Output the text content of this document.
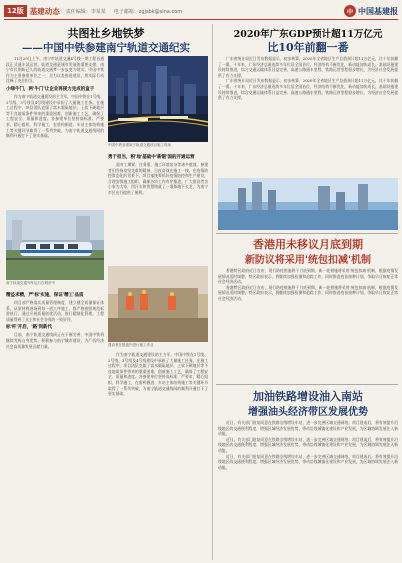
12版 基建动态 责任编辑：李某某 电子邮箱：zgjsbk@sina.com	中 中国基建报
共图社乡地铁梦
——中国中铁参建南宁轨道交通纪实

11月29日上午，南宁市轨道交通4号线一期工程首通段正式通车试运营。轨道交通是城市发展的重要支撑，南宁市民期盼已久的轨道交通梦一步步变为现实。中国中铁作为主要参建单位之一，全力以赴推进建设，用实际行动诠释了央企担当。

小绿牛门，两'牛门'让企业再接力完成的盒子

作为南宁轨道交通建设的主力军，中国中铁在1号线、2号线、3号线及4号线建设中承担了大量施工任务。在施工过程中，项目团队克服了富水圆砾地层、上软下硬地层等不良地质条件带来的重重困难，创新施工工艺，确保了工程安全、质量和进度。各参建单位坚持高标准、严要求，精心组织，科学施工，在盾构掘进、车站主体结构施工等关键环节取得了一系列突破，为南宁轨道交通线网的顺利开通打下了坚实基础。

中国中铁参建南宁轨道交通项目施工现场

勇于担当，积'地'基础中'新锻'国的开通运营

面对工期紧、任务重、施工环境复杂等诸多挑战，参建者们发扬攻坚克难的精神，日夜奋战在施工一线。在疫情防控常态化的背景下，项目部统筹抓好疫情防控和生产建设，合理安排施工组织，确保各项工作有序推进。广大建设者舍小家为大家，用汗水和智慧铸就了一条条地下长龙，为南宁市民出行提供了便利。

南宁轨道交通列车运行在城市中

精益求精，严'标'实施，保证'精工'品质

项目部严格落实质量管理制度，建立健全质量保证体系，从原材料进场到每一道工序施工，都严格按照规范标准执行。通过开展质量创优活动，推行精细化管理，工程质量得到了业主和社会各界的一致好评。

标'杆'开启，'路'到新代

目前，南宁轨道交通线网正在不断完善，中国中铁将继续发挥自身优势，积极参与南宁城市建设，为广西经济社会高质量发展贡献力量。	建设者在隧道内进行施工作业

作为南宁轨道交通建设的主力军，中国中铁在1号线、2号线、3号线及4号线建设中承担了大量施工任务。在施工过程中，项目团队克服了富水圆砾地层、上软下硬地层等不良地质条件带来的重重困难，创新施工工艺，确保了工程安全、质量和进度。各参建单位坚持高标准、严要求，精心组织，科学施工，在盾构掘进、车站主体结构施工等关键环节取得了一系列突破，为南宁轨道交通线网的顺利开通打下了坚实基础。

2020年广东GDP预计超11万亿元
比10年前翻一番

广东省统计局近日发布数据显示，初步核算，2020年全省地区生产总值预计超11万亿元，比十年前翻了一番。十年来，广东经济总量连续多年位居全国首位，经济结构不断优化，新动能加快成长。基础设施建设持续推进，综合交通运输体系日益完善，高速公路通车里程、铁路运营里程稳步增长，为经济社会发展提供了有力支撑。

广东省统计局近日发布数据显示，初步核算，2020年全省地区生产总值预计超11万亿元，比十年前翻了一番。十年来，广东经济总量连续多年位居全国首位，经济结构不断优化，新动能加快成长。基础设施建设持续推进，综合交通运输体系日益完善，高速公路通车里程、铁路运营里程稳步增长，为经济社会发展提供了有力支撑。

香港用未移议月底到期
新防议将采用'统包扣减'机制

香港特区政府近日宣布，现行防疫措施将于月底到期，新一轮措施将采用'统包扣减'机制，根据疫情发展情况适时调整。特区政府表示，将继续加强检测和追踪工作，同时推进疫苗接种计划，争取早日恢复正常社会经济活动。

香港特区政府近日宣布，现行防疫措施将于月底到期，新一轮措施将采用'统包扣减'机制，根据疫情发展情况适时调整。特区政府表示，将继续加强检测和追踪工作，同时推进疫苗接种计划，争取早日恢复正常社会经济活动。

加油铁路增设油入南站
增强油头经济带区发展优势

近日，有关部门批复同意在铁路沿线增设车站，进一步完善区域交通网络。项目建成后，将有效提升沿线地区的交通便利程度，增强区域经济发展优势，带动沿线城镇化建设和产业发展，为区域协调发展注入新动能。

近日，有关部门批复同意在铁路沿线增设车站，进一步完善区域交通网络。项目建成后，将有效提升沿线地区的交通便利程度，增强区域经济发展优势，带动沿线城镇化建设和产业发展，为区域协调发展注入新动能。

近日，有关部门批复同意在铁路沿线增设车站，进一步完善区域交通网络。项目建成后，将有效提升沿线地区的交通便利程度，增强区域经济发展优势，带动沿线城镇化建设和产业发展，为区域协调发展注入新动能。
